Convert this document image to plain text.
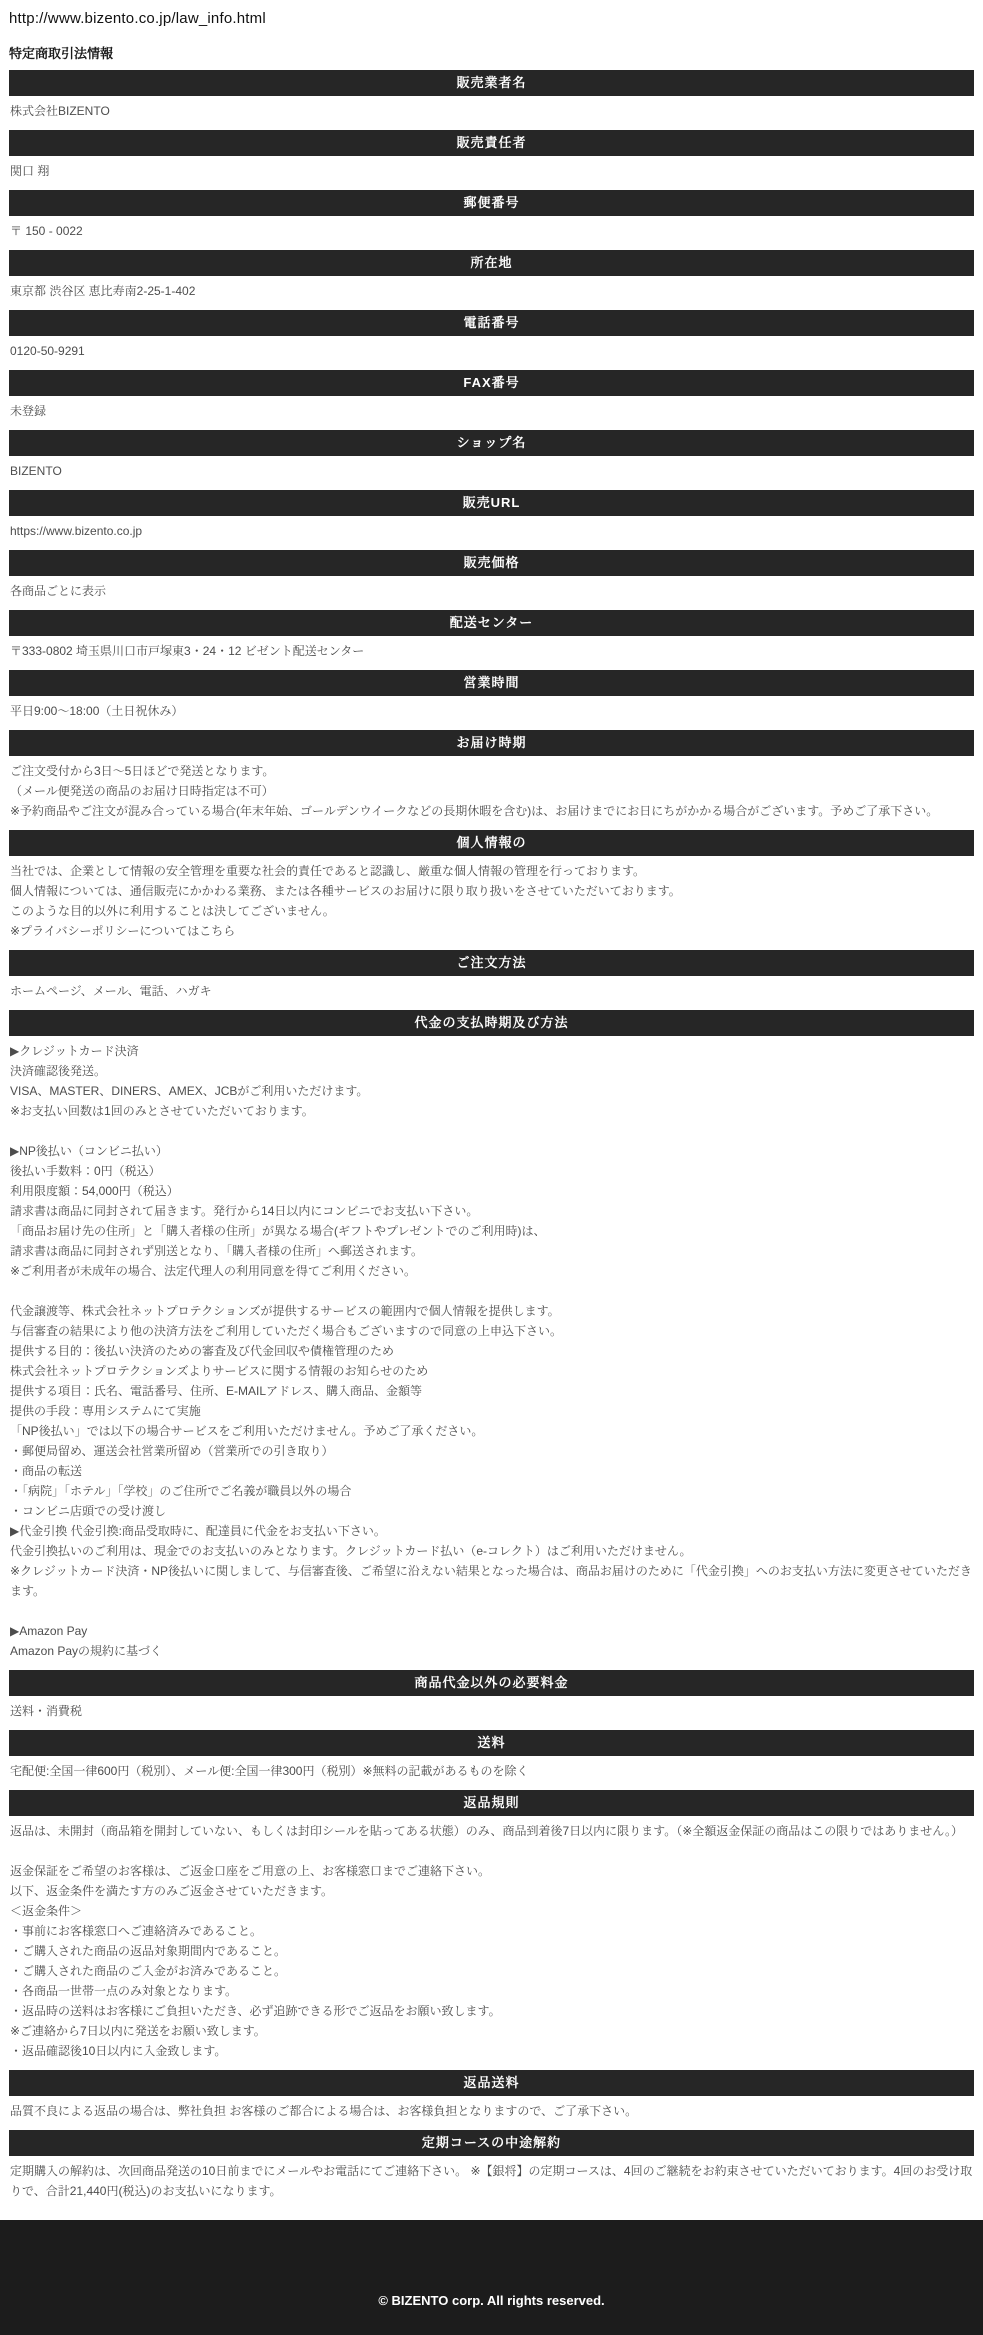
http://www.bizento.co.jp/law_info.html

特定商取引法情報
販売業者名

株式会社BIZENTO

販売責任者

関口 翔

郵便番号

〒 150 - 0022

所在地

東京都 渋谷区 恵比寿南2-25-1-402

電話番号

0120-50-9291

FAX番号

未登録

ショップ名

BIZENTO

販売URL

https://www.bizento.co.jp

販売価格

各商品ごとに表示

配送センター

〒333-0802 埼玉県川口市戸塚東3・24・12 ビゼント配送センター

営業時間

平日9:00〜18:00（土日祝休み）

お届け時期

ご注文受付から3日～5日ほどで発送となります。

（メール便発送の商品のお届け日時指定は不可）

※予約商品やご注文が混み合っている場合(年末年始、ゴールデンウイークなどの長期休暇を含む)は、お届けまでにお日にちがかかる場合がございます。予めご了承下さい。

個人情報の

当社では、企業として情報の安全管理を重要な社会的責任であると認識し、厳重な個人情報の管理を行っております。

個人情報については、通信販売にかかわる業務、または各種サービスのお届けに限り取り扱いをさせていただいております。

このような目的以外に利用することは決してございません。

※プライバシーポリシーについてはこちら

ご注文方法

ホームページ、メール、電話、ハガキ

代金の支払時期及び方法

▶クレジットカード決済

決済確認後発送。

VISA、MASTER、DINERS、AMEX、JCBがご利用いただけます。

※お支払い回数は1回のみとさせていただいております。

▶NP後払い（コンビニ払い）

後払い手数料：0円（税込）

利用限度額：54,000円（税込）

請求書は商品に同封されて届きます。発行から14日以内にコンビニでお支払い下さい。

「商品お届け先の住所」と「購入者様の住所」が異なる場合(ギフトやプレゼントでのご利用時)は、

請求書は商品に同封されず別送となり、「購入者様の住所」へ郵送されます。

※ご利用者が未成年の場合、法定代理人の利用同意を得てご利用ください。

代金譲渡等、株式会社ネットプロテクションズが提供するサービスの範囲内で個人情報を提供します。

与信審査の結果により他の決済方法をご利用していただく場合もございますので同意の上申込下さい。

提供する目的：後払い決済のための審査及び代金回収や債権管理のため

株式会社ネットプロテクションズよりサービスに関する情報のお知らせのため

提供する項目：氏名、電話番号、住所、E-MAILアドレス、購入商品、金額等

提供の手段：専用システムにて実施

「NP後払い」では以下の場合サービスをご利用いただけません。予めご了承ください。

・郵便局留め、運送会社営業所留め（営業所での引き取り）

・商品の転送

・「病院」「ホテル」「学校」のご住所でご名義が職員以外の場合

・コンビニ店頭での受け渡し

▶代金引換 代金引換:商品受取時に、配達員に代金をお支払い下さい。

代金引換払いのご利用は、現金でのお支払いのみとなります。クレジットカード払い（e-コレクト）はご利用いただけません。

※クレジットカード決済・NP後払いに関しまして、与信審査後、ご希望に沿えない結果となった場合は、商品お届けのために「代金引換」へのお支払い方法に変更させていただきます。

▶Amazon Pay

Amazon Payの規約に基づく

商品代金以外の必要料金

送料・消費税

送料

宅配便:全国一律600円（税別）、メール便:全国一律300円（税別）※無料の記載があるものを除く

返品規則

返品は、未開封（商品箱を開封していない、もしくは封印シールを貼ってある状態）のみ、商品到着後7日以内に限ります。（※全額返金保証の商品はこの限りではありません。）

返金保証をご希望のお客様は、ご返金口座をご用意の上、お客様窓口までご連絡下さい。

以下、返金条件を満たす方のみご返金させていただきます。

＜返金条件＞

・事前にお客様窓口へご連絡済みであること。

・ご購入された商品の返品対象期間内であること。

・ご購入された商品のご入金がお済みであること。

・各商品一世帯一点のみ対象となります。

・返品時の送料はお客様にご負担いただき、必ず追跡できる形でご返品をお願い致します。

※ご連絡から7日以内に発送をお願い致します。

・返品確認後10日以内に入金致します。

返品送料

品質不良による返品の場合は、弊社負担 お客様のご都合による場合は、お客様負担となりますので、ご了承下さい。

定期コースの中途解約

定期購入の解約は、次回商品発送の10日前までにメールやお電話にてご連絡下さい。 ※【銀将】の定期コースは、4回のご継続をお約束させていただいております。4回のお受け取りで、合計21,440円(税込)のお支払いになります。

© BIZENTO corp. All rights reserved.
